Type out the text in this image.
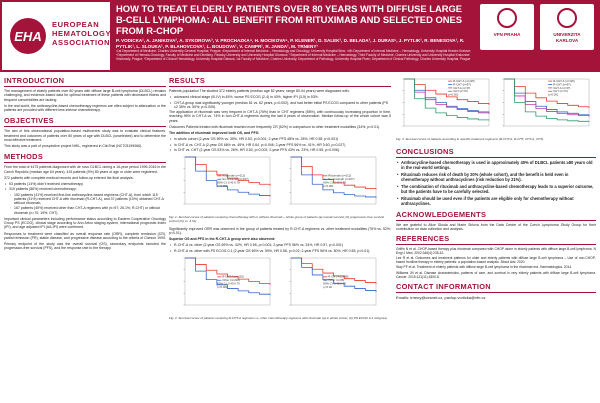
EHA
EUROPEAN
HEMATOLOGY
ASSOCIATION
HOW TO TREAT ELDERLY PATIENTS OVER 80 YEARS WITH DIFFUSE LARGE B-CELL LYMPHOMA: ALL BENEFIT FROM RITUXIMAB AND SELECTED ONES FROM R-CHOP
P. VODICKA¹, A. JANIKOVA², A. SYKOROVA³, V. PROCHAZKA⁴, H. MOCIKOVA⁵, P. KLENER¹, D. SALEK², D. BELADA³, J. DURAS⁶, J. PYTLIK¹, R. BENESOVA¹, R. PYTLIK¹, L. SLOUKA¹, P. BLAHOVCOVA¹, L. BOUDOVA¹, V. CAMPR¹, R. JANDA¹, M. TRNENY¹
¹1st Department of Medicine, Charles University General Hospital, Prague; ²Department of Internal Medicine – Hematology and Oncology, University Hospital Brno; ³4th Department of Internal Medicine – Hematology, University Hospital Hradec Kralove; ⁴Department of Hemato-Oncology, Faculty of Medicine and Dentistry, Palacky University and University Hospital Olomouc; ⁵Department of Internal Medicine – Hematology, Third Faculty of Medicine, Charles University and University Hospital Kralovske Vinohrady, Prague; ⁶Department of Clinical Hematology, University Hospital Ostrava; 1st Faculty of Medicine, Charles University; Department of Pathology, University Hospital Plzen; Department of Clinical Pathology, Charles University Hospital, Prague
VFN PRAHA	UNIVERZITA KARLOVA
INTRODUCTION
The management of elderly patients over 80 years with diffuse large B-cell lymphoma (DLBCL) remains challenging, and evidence-based data for optimal treatment of these patients with decreased fitness and frequent comorbidities are lacking.
In the real world, the anthracycline-based chemotherapy regimens are often subject to attenuation or the patients are provided with different less intense chemotherapy.
OBJECTIVES
The aim of this observational population-based multicentric study was to evaluate clinical features, treatment and outcomes of patients over 80 years of age with DLBCL (unselected) and to determine the most effective treatment.
This study was a part of prospective project NHIL, registered in ClinTrial (NCT03199066).
METHODS
From the total of 4475 patients diagnosed with de novo DLBCL during a 16-year period 1999-2016 in the Czech Republic (median age 64 years), 415 patients (9%) 80 years of age or older were registered.
372 patients with complete medical records and follow-up entered the final analysis:
• 53 patients (14%) didn't received chemotherapy
• 319 patients (86%) received chemotherapy:
◦ 152 patients (41%) received first-line anthracycline-based regimens (CHT-A), from which 115 patients (31%) received CHT-A with rituximab (R-CHT-A), and 37 patients (10%) obtained CHT-A without rituximab,
◦ 167 patients (45%) received other than CHT-A regimens with (n=97; 26.1%; R-CHT) or without rituximab (n=70; 19%; CHT).
Important clinical parameters including performance status according to Eastern Cooperative Oncology Group PS (ECOG), clinical stage according to Ann Arbor staging system, international prognostic index (IPI), and age adjusted IPI (AA-IPI) were confirmed.
Responses to treatment were classified as overall response rate (ORR), complete remission (CR), partial remission (PR), stable disease, and progressive disease according to the criteria of Cheson 1999.
Primary endpoint of the study was the overall survival (OS), secondary endpoints included the progression-free survival (PFS), and the response rate to the therapy.
RESULTS
Patients population The studied 372 elderly patients (median age 82 years; range 80-94 years) were diagnosed with:
• advanced clinical stage (III-IV) in 45%, worse PS ECOG (2-4) in 40%, higher IPI (3-5) in 53%.
• CHT-A group was significantly younger (median 81 vs. 82 years, p=0.002), and had better initial PS ECOG compared to other patients (PS ≥2 35% vs. 50%; p=0.005).
The application of rituximab was very frequent in CHT-A (76%) than in CHT regimens (58%), with continuously increasing proportion in time, reaching 95% in CHT-A vs. 74% in non-CHT-A regimens during the last 6 years of observation. Median follow-up of the whole cohort was 5 years.
Outcomes Patients treated with rituximab reached more frequently CR (52%) in comparison to other treatment modalities (34%; p<0.01).
The addition of rituximab improved both OS, and PFS:
• in whole cohort (2-year OS 59% vs. 35%, HR 0.53, p<0.001; 2-year PFS 48% vs. 28%, HR 0.55, p<0.001)
• in CHT-A vs. CHT-A (2-year OS 66% vs. 49%, HR 0.64, p=0.046; 2-year PFS 56% vs. 41%, HR 0.60, p=0.027)
• in CHT vs. CHT (2-year OS 53% vs. 26%, HR 0.50, p=0.002; 2-year PFS 43% vs. 23%, HR 0.55, p=0.006).
Rituximab (n=212)
No rituximab (n=107)
80% CI: 0.41-0.78
p<0.001
Rituximab (n=212)
No rituximab (n=107)
80% CI: 0.43-0.79
p<0.001
Fig. 1: Survival curves of patients receiving chemotherapy with or without rituximab – whole group of patients (a) overall survival; (b) progression-free survival (cohort (N) vs. 4 hz).
Significantly improved ORR was observed in the group of patients treated by R-CHT-A regimens vs. other treatment modalities (76% vs. 52%; p<0.01).
Superior OS and PFS in the R-CHT-A group were also observed:
• R-CHT-A vs. other (2-year OS 69% vs. 42%, HR 0.55, p<0.001; 2-year PFS 56% vs. 34%, HR 0.57, p<0.001)
• R-CHT-A vs. other with PS ECOG 0-1 (2-year OS 69% vs. 59%, HR 0.58, p=0.02; 2-year PFS 56% vs. 50%, HR 0.55, p=0.01).
R-CHT-A (n=115)
Other (n=204)
80% CI: 0.43-0.70
p<0.001
R-CHT-A (n=88)
Other (n=95)
80% CI: 0.43-0.79
p<0.02
Fig. 2: Survival curves of patients receiving R-CHT-A regimens vs. other chemotherapy regimens with rituximab (a) in whole cohort, (b) PS ECOG 0-1 subgroup.
R-CHT-A (n=115)
R-CHT (n=97)
CHT-A (n=37)
CHT (n=70)
p<0.001
R-CHT-A (n=115)
R-CHT (n=97)
CHT-A (n=37)
CHT (n=70)
p<0.001
Fig. 3: Survival curves of patients according to specific treatment regimens (R-CHT-A, R-CHT, CHT-A, CHT).
CONCLUSIONS
• Anthracycline-based chemotherapy is used in approximately 40% of DLBCL patients ≥80 years old in the real-world settings.
• Rituximab reduces risk of death by 20% (whole cohort), and the benefit is held even in chemotherapy without anthracyclines (risk reduction by 21%).
• The combination of rituximab and anthracycline-based chemotherapy leads to a superior outcome, but the patients have to be carefully selected.
• Rituximab should be used even if the patients are eligible only for chemotherapy without anthracyclines.
ACKNOWLEDGEMENTS
We are grateful to Alice Skoda and Marie Sirlova from the Data Centre of the Czech Lymphoma Study Group for their contribution on data collection and analysis.
REFERENCES
Griffin N et al. CHOP-based therapy plus rituximab compared with CHOP alone in elderly patients with diffuse large-B-cell lymphoma. N Engl J Med. 2002;346(4):235-42.
Lee R et al. Outcomes and treatment patterns for older and elderly patients with diffuse large B-cell lymphoma – Use of non-CHOP-based frontline therapy in elderly patients: a population-based analysis. Blood Adv. 2020.
Stay PF et al. Treatment of elderly patients with diffuse large B-cell lymphoma in the rituximab era. Haematologica. 2014.
Williams JN et al. Disease characteristics, patterns of care, and survival in very elderly patients with diffuse large B-cell lymphoma. Cancer. 2015;121(11):1800-8.
CONTACT INFORMATION
Emails: trneny@cesnet.cz, pavlop.vodicka@vfn.cz
